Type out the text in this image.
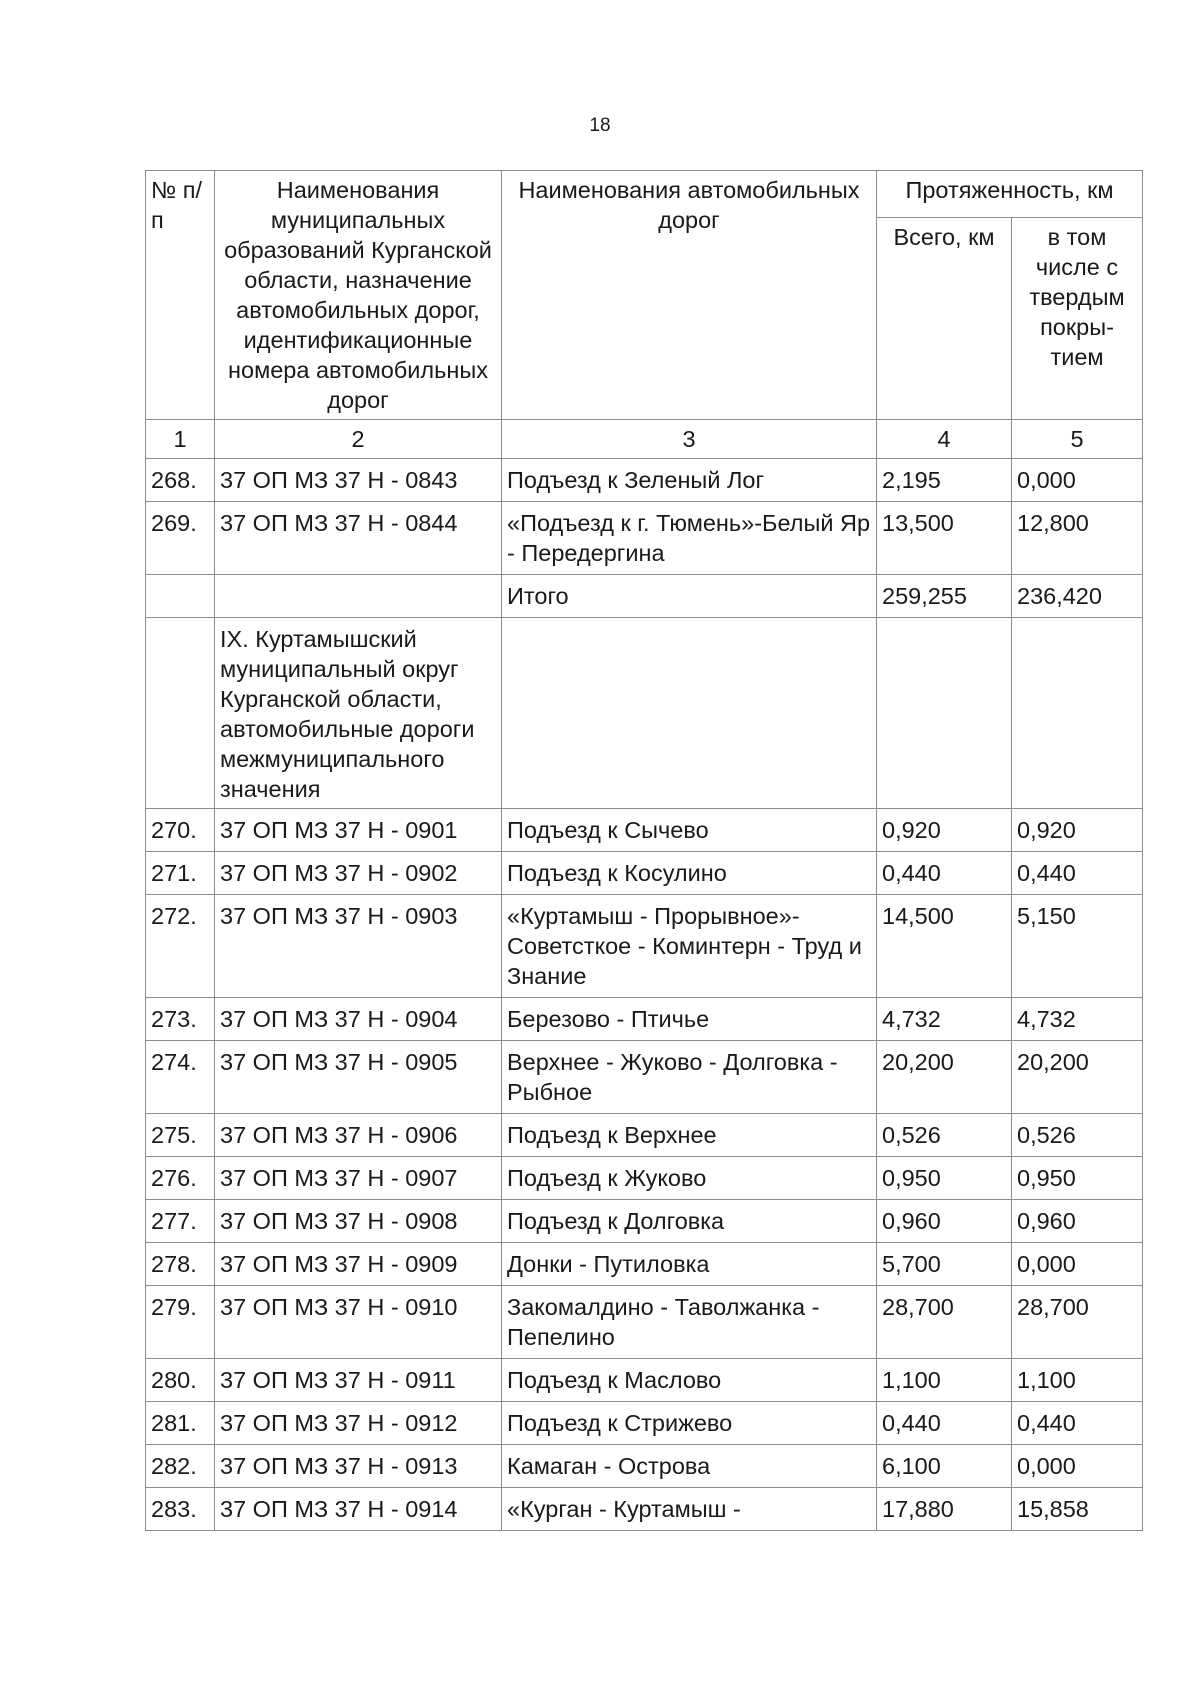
18
№ п/п	Наименования муниципальных образований Курганской области, назначение автомобильных дорог, идентификационные номера автомобильных дорог	Наименования автомобильных дорог	Протяженность, км	
			Всего, км	в том числе с твердым покры- тием
1	2	3	4	5
268.	37 ОП МЗ 37 Н - 0843	Подъезд к Зеленый Лог	2,195	0,000
269.	37 ОП МЗ 37 Н - 0844	«Подъезд к г. Тюмень»-Белый Яр - Передергина	13,500	12,800
		Итого	259,255	236,420
	IX. Куртамышский муниципальный округ Курганской области, автомобильные дороги межмуниципального значения			
270.	37 ОП МЗ 37 Н - 0901	Подъезд к Сычево	0,920	0,920
271.	37 ОП МЗ 37 Н - 0902	Подъезд к Косулино	0,440	0,440
272.	37 ОП МЗ 37 Н - 0903	«Куртамыш - Прорывное»-Советсткое - Коминтерн - Труд и Знание	14,500	5,150
273.	37 ОП МЗ 37 Н - 0904	Березово - Птичье	4,732	4,732
274.	37 ОП МЗ 37 Н - 0905	Верхнее - Жуково - Долговка - Рыбное	20,200	20,200
275.	37 ОП МЗ 37 Н - 0906	Подъезд к Верхнее	0,526	0,526
276.	37 ОП МЗ 37 Н - 0907	Подъезд к Жуково	0,950	0,950
277.	37 ОП МЗ 37 Н - 0908	Подъезд к Долговка	0,960	0,960
278.	37 ОП МЗ 37 Н - 0909	Донки - Путиловка	5,700	0,000
279.	37 ОП МЗ 37 Н - 0910	Закомалдино - Таволжанка - Пепелино	28,700	28,700
280.	37 ОП МЗ 37 Н - 0911	Подъезд к Маслово	1,100	1,100
281.	37 ОП МЗ 37 Н - 0912	Подъезд к Стрижево	0,440	0,440
282.	37 ОП МЗ 37 Н - 0913	Камаган - Острова	6,100	0,000
283.	37 ОП МЗ 37 Н - 0914	«Курган - Куртамыш -	17,880	15,858
